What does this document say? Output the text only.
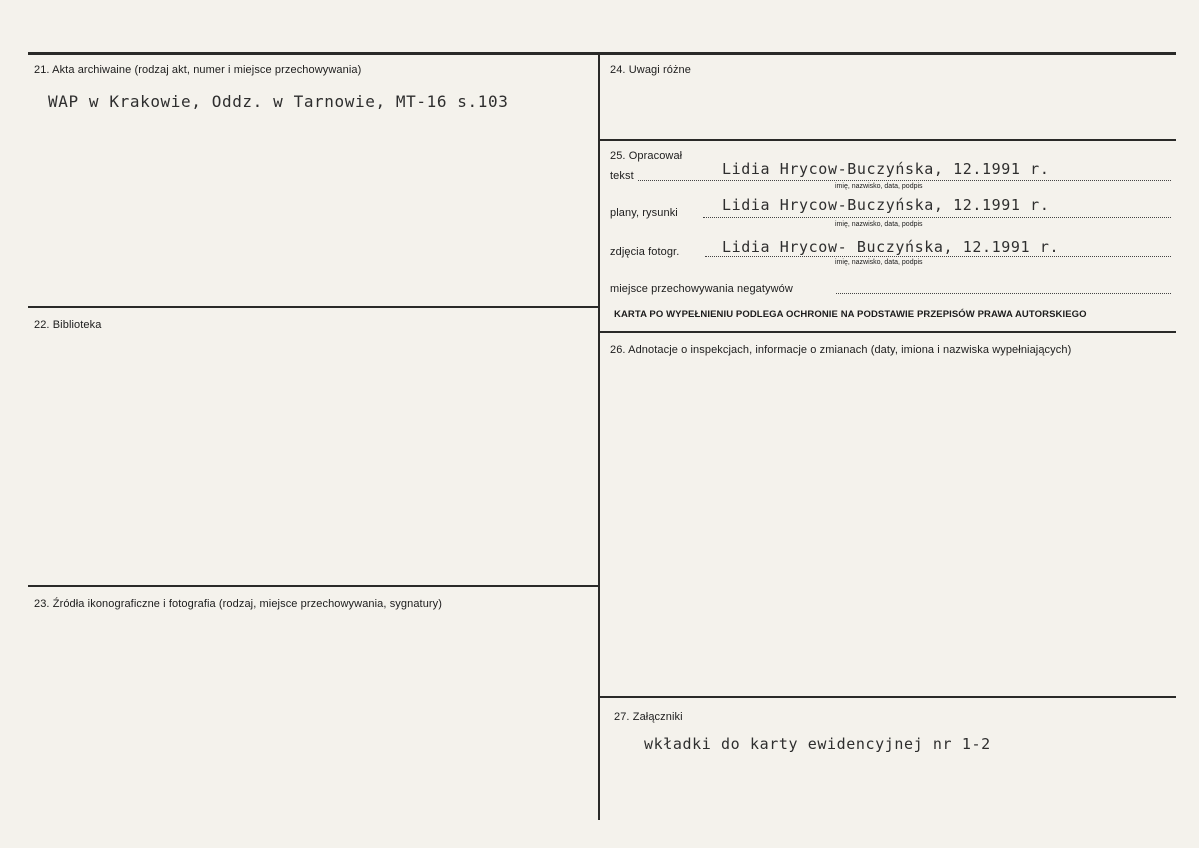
21. Akta archiwaine (rodzaj akt, numer i miejsce przechowywania)
WAP w Krakowie, Oddz. w Tarnowie, MT-16 s.103
22. Biblioteka
23. Źródła ikonograficzne i fotografia (rodzaj, miejsce przechowywania, sygnatury)
24. Uwagi różne
25. Opracował
tekst	Lidia Hrycow-Buczyńska, 12.1991 r.
imię, nazwisko, data, podpis
plany, rysunki	Lidia Hrycow-Buczyńska, 12.1991 r.
imię, nazwisko, data, podpis
zdjęcia fotogr.	Lidia Hrycow- Buczyńska, 12.1991 r.
imię, nazwisko, data, podpis
miejsce przechowywania negatywów
KARTA PO WYPEŁNIENIU PODLEGA OCHRONIE NA PODSTAWIE PRZEPISÓW PRAWA AUTORSKIEGO
26. Adnotacje o inspekcjach, informacje o zmianach (daty, imiona i nazwiska wypełniających)
27. Załączniki
wkładki do karty ewidencyjnej nr 1-2
